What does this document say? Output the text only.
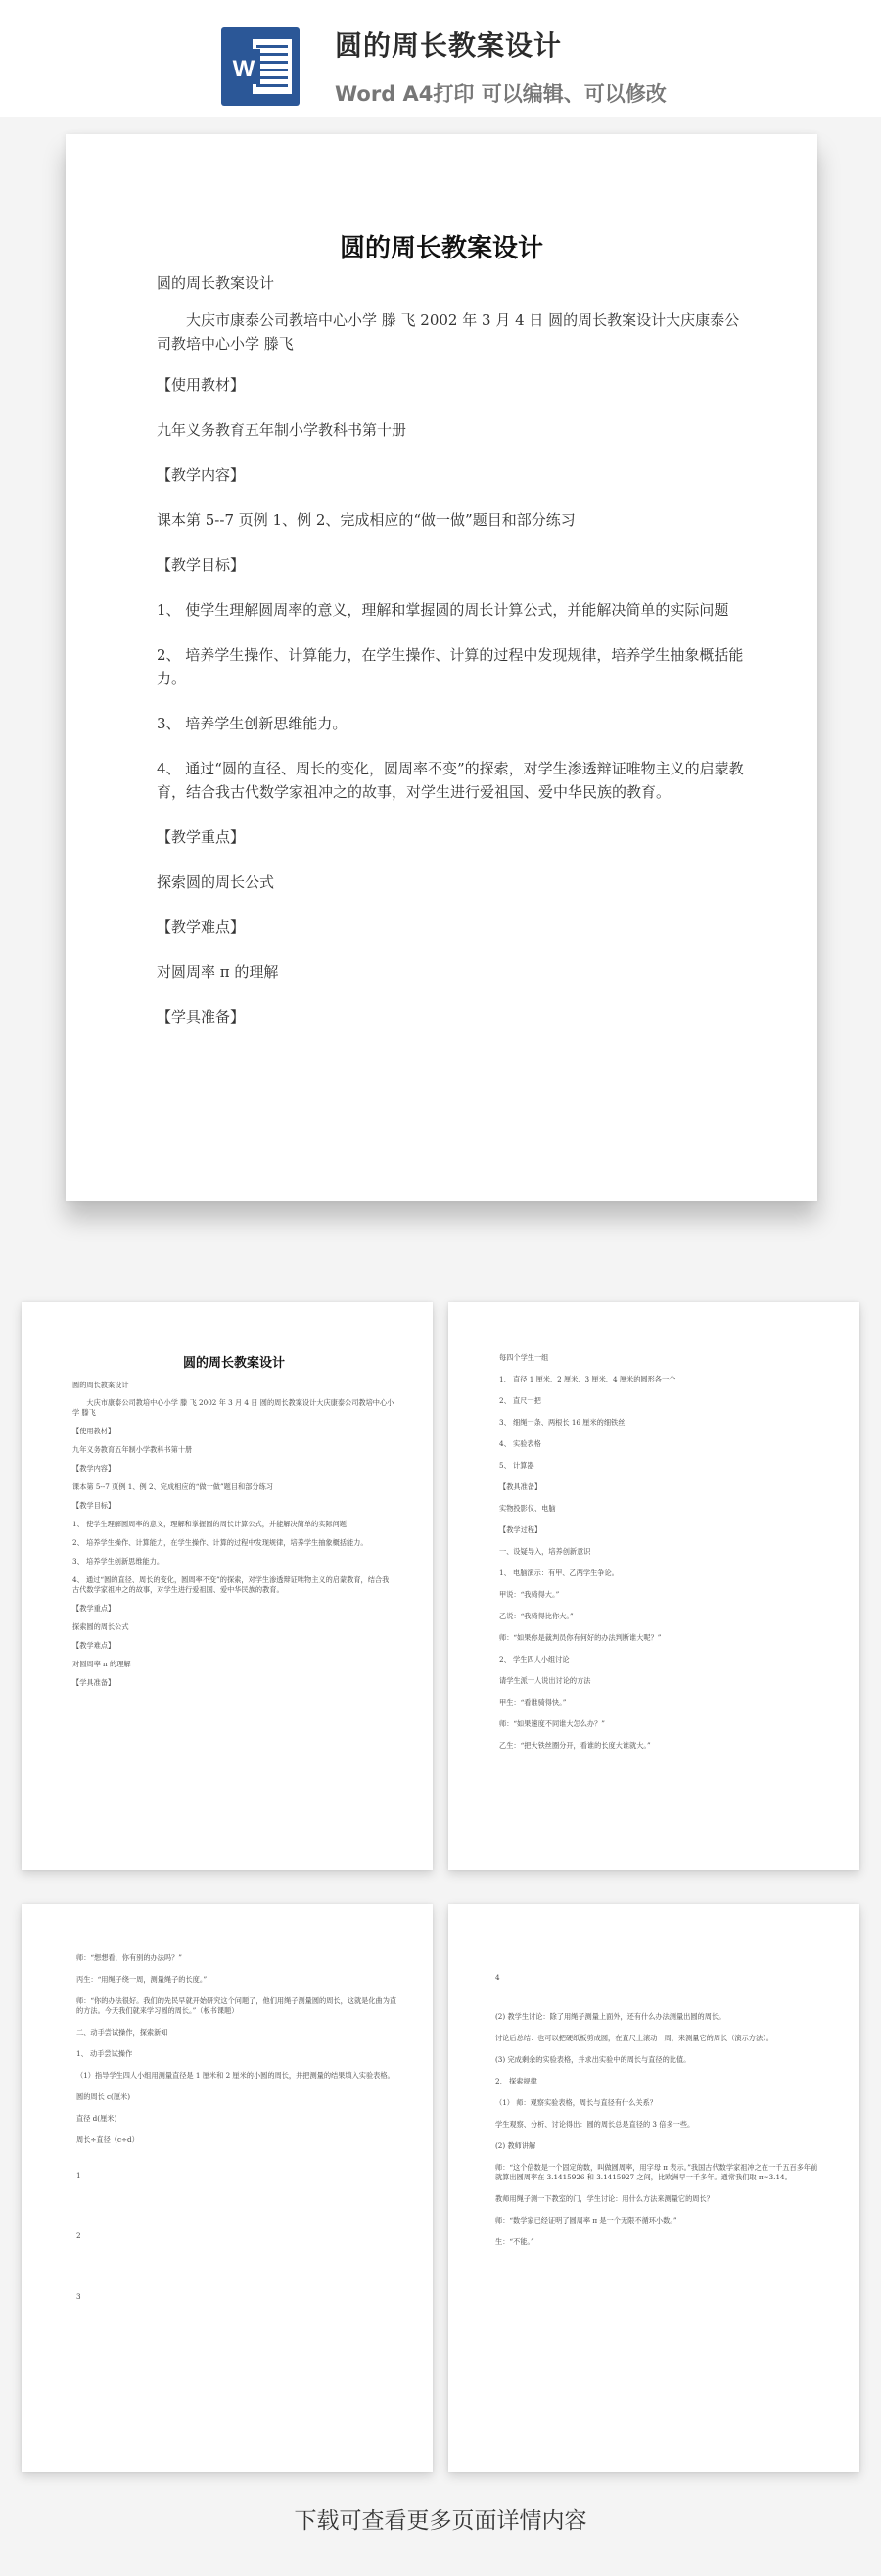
W
圆的周长教案设计
Word A4打印 可以编辑、可以修改
圆的周长教案设计
圆的周长教案设计
大庆市康泰公司教培中心小学 滕 飞 2002 年 3 月 4 日 圆的周长教案设计大庆康泰公司教培中心小学 滕飞
【使用教材】
九年义务教育五年制小学教科书第十册
【教学内容】
课本第 5--7 页例 1、例 2、完成相应的“做一做”题目和部分练习
【教学目标】
1、 使学生理解圆周率的意义，理解和掌握圆的周长计算公式，并能解决简单的实际问题
2、 培养学生操作、计算能力，在学生操作、计算的过程中发现规律，培养学生抽象概括能力。
3、 培养学生创新思维能力。
4、 通过“圆的直径、周长的变化，圆周率不变”的探索，对学生渗透辩证唯物主义的启蒙教育，结合我古代数学家祖冲之的故事，对学生进行爱祖国、爱中华民族的教育。
【教学重点】
探索圆的周长公式
【教学难点】
对圆周率 π 的理解
【学具准备】
圆的周长教案设计
圆的周长教案设计
大庆市康泰公司教培中心小学 滕 飞 2002 年 3 月 4 日 圆的周长教案设计大庆康泰公司教培中心小学 滕飞
【使用教材】
九年义务教育五年制小学教科书第十册
【教学内容】
课本第 5--7 页例 1、例 2、完成相应的“做一做”题目和部分练习
【教学目标】
1、 使学生理解圆周率的意义，理解和掌握圆的周长计算公式，并能解决简单的实际问题
2、 培养学生操作、计算能力，在学生操作、计算的过程中发现规律，培养学生抽象概括能力。
3、 培养学生创新思维能力。
4、 通过“圆的直径、周长的变化，圆周率不变”的探索，对学生渗透辩证唯物主义的启蒙教育，结合我古代数学家祖冲之的故事，对学生进行爱祖国、爱中华民族的教育。
【教学重点】
探索圆的周长公式
【教学难点】
对圆周率 π 的理解
【学具准备】
每四个学生一组
1、 直径 1 厘米、2 厘米、3 厘米、4 厘米的圆形各一个
2、 直尺一把
3、 细绳一条、两根长 16 厘米的细铁丝
4、 实验表格
5、 计算器
【教具准备】
实物投影仪、电脑
【教学过程】
一、设疑导入，培养创新意识
1、 电脑演示：有甲、乙两学生争论。
甲说：“我骑得大。”
乙说：“我骑得比你大。”
师：“如果你是裁判员你有何好的办法判断谁大呢？”
2、 学生四人小组讨论
请学生派一人说出讨论的方法
甲生：“看谁骑得快。”
师：“如果速度不同谁大怎么办？”
乙生：“把大铁丝圈分开，看谁的长度大谁就大。”
师：“想想看，你有别的办法吗？”
丙生：“用绳子绕一周，测量绳子的长度。”
师：“你的办法很好。我们的先民早就开始研究这个问题了，他们用绳子测量圆的周长，这就是化曲为直的方法。今天我们就来学习圆的周长。”（板书课题）
二、动手尝试操作，探索新知
1、 动手尝试操作
（1）指导学生四人小组用测量直径是 1 厘米和 2 厘米的小圆的周长，并把测量的结果填入实验表格。
圆的周长 c(厘米)
直径 d(厘米)
周长÷直径（c÷d）
1
2
3
4
(2) 教学生讨论：除了用绳子测量上面外，还有什么办法测量出圆的周长。
讨论后总结：也可以把硬纸板剪成圆，在直尺上滚动一周，来测量它的周长（演示方法）。
(3) 完成剩余的实验表格，并求出实验中的周长与直径的比值。
2、 探索规律
（1） 师：观察实验表格，周长与直径有什么关系？
学生观察、分析、讨论得出：圆的周长总是直径的 3 倍多一些。
(2) 教师讲解
师：“这个倍数是一个固定的数，叫做圆周率，用字母 π 表示。”我国古代数学家祖冲之在一千五百多年前就算出圆周率在 3.1415926 和 3.1415927 之间，比欧洲早一千多年。通常我们取 π≈3.14。
教师用绳子测一下教室的门，学生讨论：用什么方法来测量它的周长？
师：“数学家已经证明了圆周率 π 是一个无限不循环小数。”
生：“不能。”
下载可查看更多页面详情内容
